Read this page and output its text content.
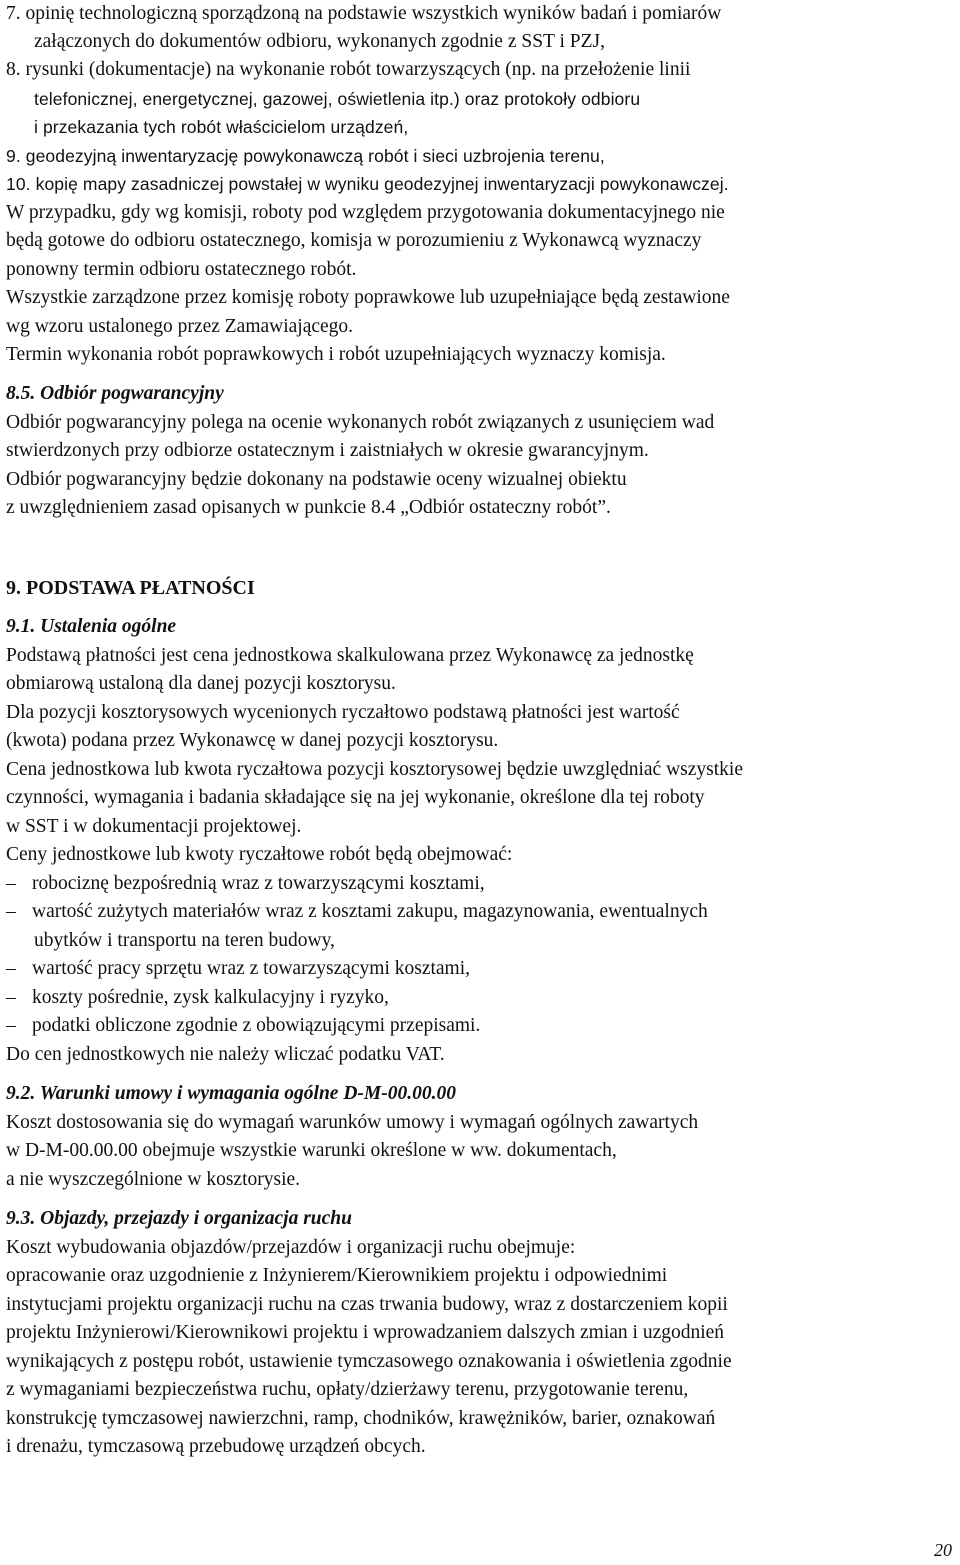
7. opinię technologiczną sporządzoną na podstawie wszystkich wyników badań i pomiarów
załączonych do dokumentów odbioru, wykonanych zgodnie z SST i PZJ,
8. rysunki (dokumentacje) na wykonanie robót towarzyszących (np. na przełożenie linii
telefonicznej, energetycznej, gazowej, oświetlenia itp.) oraz protokoły odbioru
i przekazania tych robót właścicielom urządzeń,
9. geodezyjną inwentaryzację powykonawczą robót i sieci uzbrojenia terenu,
10. kopię mapy zasadniczej powstałej w wyniku geodezyjnej inwentaryzacji powykonawczej.
W przypadku, gdy wg komisji, roboty pod względem przygotowania dokumentacyjnego nie
będą gotowe do odbioru ostatecznego, komisja w porozumieniu z Wykonawcą wyznaczy
ponowny termin odbioru ostatecznego robót.
Wszystkie zarządzone przez komisję roboty poprawkowe lub uzupełniające będą zestawione
wg wzoru ustalonego przez Zamawiającego.
Termin wykonania robót poprawkowych i robót uzupełniających wyznaczy komisja.
8.5. Odbiór pogwarancyjny
Odbiór pogwarancyjny polega na ocenie wykonanych robót związanych z usunięciem wad
stwierdzonych przy odbiorze ostatecznym i zaistniałych w okresie gwarancyjnym.
Odbiór pogwarancyjny będzie dokonany na podstawie oceny wizualnej obiektu
z uwzględnieniem zasad opisanych w punkcie 8.4 „Odbiór ostateczny robót”.
9. PODSTAWA PŁATNOŚCI
9.1. Ustalenia ogólne
Podstawą płatności jest cena jednostkowa skalkulowana przez Wykonawcę za jednostkę
obmiarową ustaloną dla danej pozycji kosztorysu.
Dla pozycji kosztorysowych wycenionych ryczałtowo podstawą płatności jest wartość
(kwota) podana przez Wykonawcę w danej pozycji kosztorysu.
Cena jednostkowa lub kwota ryczałtowa pozycji kosztorysowej będzie uwzględniać wszystkie
czynności, wymagania i badania składające się na jej wykonanie, określone dla tej roboty
w SST i w dokumentacji projektowej.
Ceny jednostkowe lub kwoty ryczałtowe robót będą obejmować:
– robociznę bezpośrednią wraz z towarzyszącymi kosztami,
– wartość zużytych materiałów wraz z kosztami zakupu, magazynowania, ewentualnych
ubytków i transportu na teren budowy,
– wartość pracy sprzętu wraz z towarzyszącymi kosztami,
– koszty pośrednie, zysk kalkulacyjny i ryzyko,
– podatki obliczone zgodnie z obowiązującymi przepisami.
Do cen jednostkowych nie należy wliczać podatku VAT.
9.2. Warunki umowy i wymagania ogólne D-M-00.00.00
Koszt dostosowania się do wymagań warunków umowy i wymagań ogólnych zawartych
w D-M-00.00.00 obejmuje wszystkie warunki określone w ww. dokumentach,
a nie wyszczególnione w kosztorysie.
9.3. Objazdy, przejazdy i organizacja ruchu
Koszt wybudowania objazdów/przejazdów i organizacji ruchu obejmuje:
opracowanie oraz uzgodnienie z Inżynierem/Kierownikiem projektu i odpowiednimi
instytucjami projektu organizacji ruchu na czas trwania budowy, wraz z dostarczeniem kopii
projektu Inżynierowi/Kierownikowi projektu i wprowadzaniem dalszych zmian i uzgodnień
wynikających z postępu robót, ustawienie tymczasowego oznakowania i oświetlenia zgodnie
z wymaganiami bezpieczeństwa ruchu, opłaty/dzierżawy terenu, przygotowanie terenu,
konstrukcję tymczasowej nawierzchni, ramp, chodników, krawężników, barier, oznakowań
i drenażu, tymczasową przebudowę urządzeń obcych.
20
